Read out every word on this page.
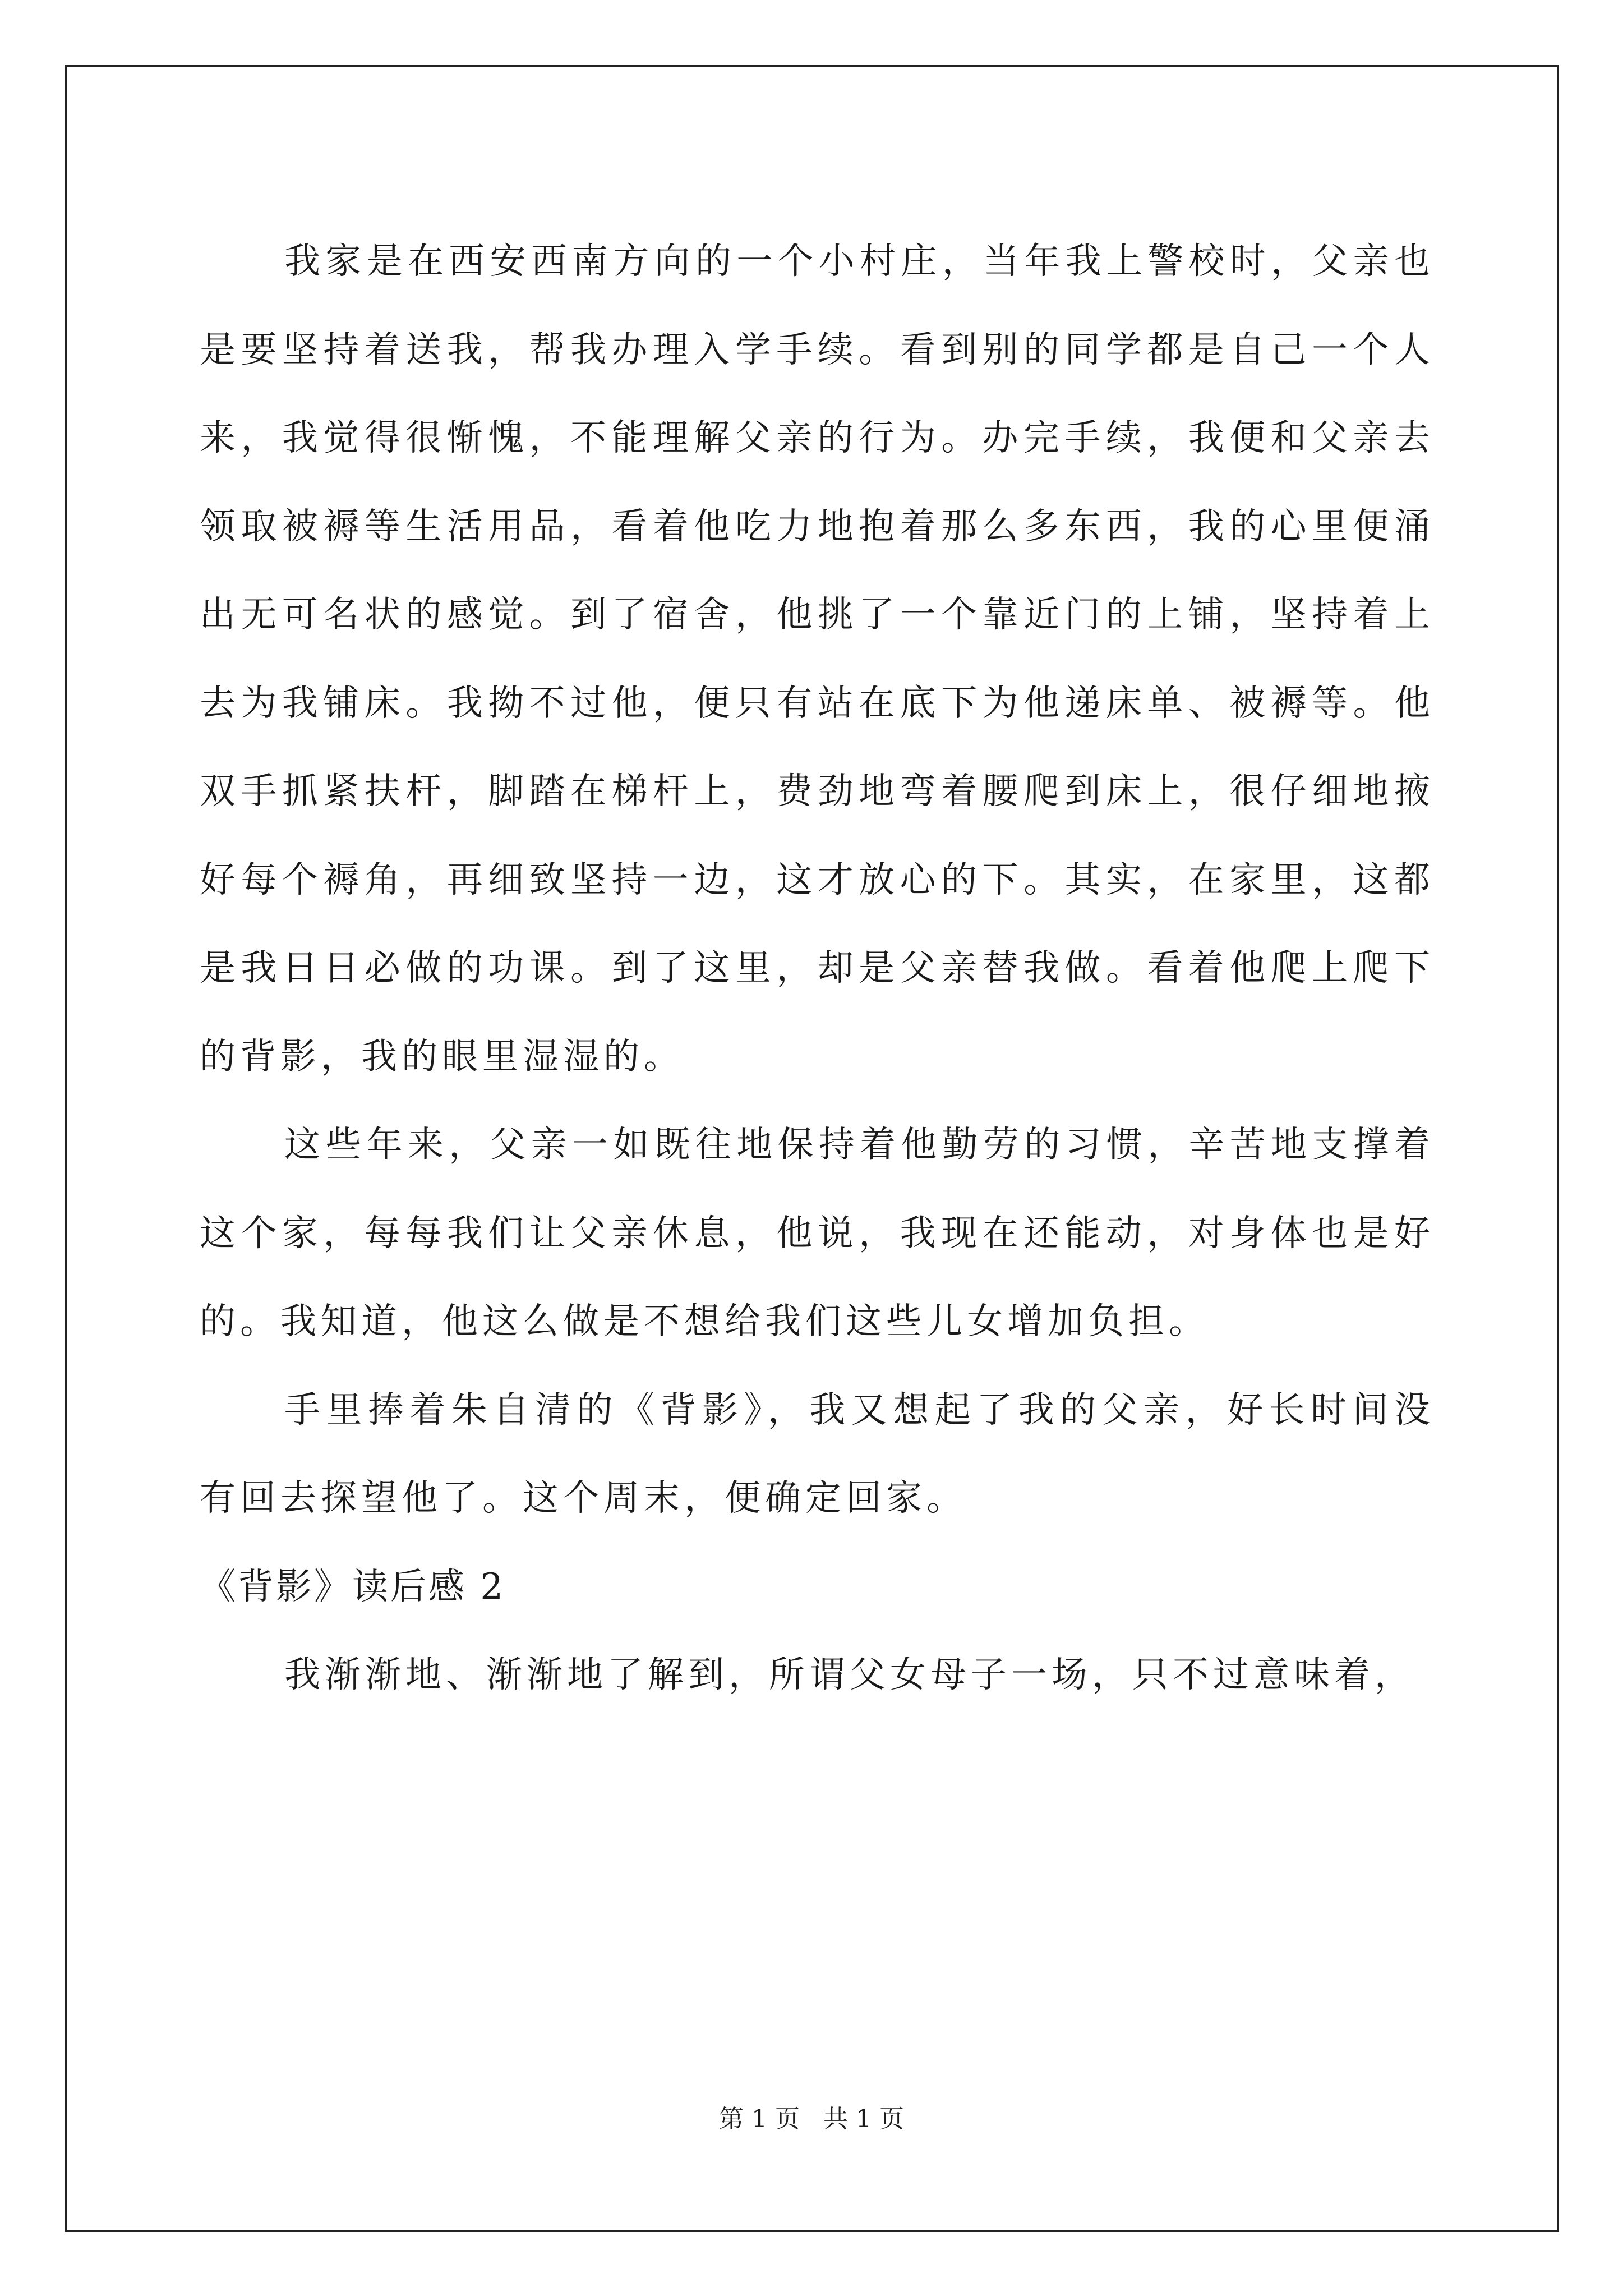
我家是在西安西南方向的一个小村庄，当年我上警校时，父亲也是要坚持着送我，帮我办理入学手续。看到别的同学都是自己一个人来，我觉得很惭愧，不能理解父亲的行为。办完手续，我便和父亲去领取被褥等生活用品，看着他吃力地抱着那么多东西，我的心里便涌出无可名状的感觉。到了宿舍，他挑了一个靠近门的上铺，坚持着上去为我铺床。我拗不过他，便只有站在底下为他递床单、被褥等。他双手抓紧扶杆，脚踏在梯杆上，费劲地弯着腰爬到床上，很仔细地掖好每个褥角，再细致坚持一边，这才放心的下。其实，在家里，这都是我日日必做的功课。到了这里，却是父亲替我做。看着他爬上爬下的背影，我的眼里湿湿的。

这些年来，父亲一如既往地保持着他勤劳的习惯，辛苦地支撑着这个家，每每我们让父亲休息，他说，我现在还能动，对身体也是好的。我知道，他这么做是不想给我们这些儿女增加负担。

手里捧着朱自清的《背影》，我又想起了我的父亲，好长时间没有回去探望他了。这个周末，便确定回家。

《背影》读后感 2

我渐渐地、渐渐地了解到，所谓父女母子一场，只不过意味着，

第 1 页 共 1 页
